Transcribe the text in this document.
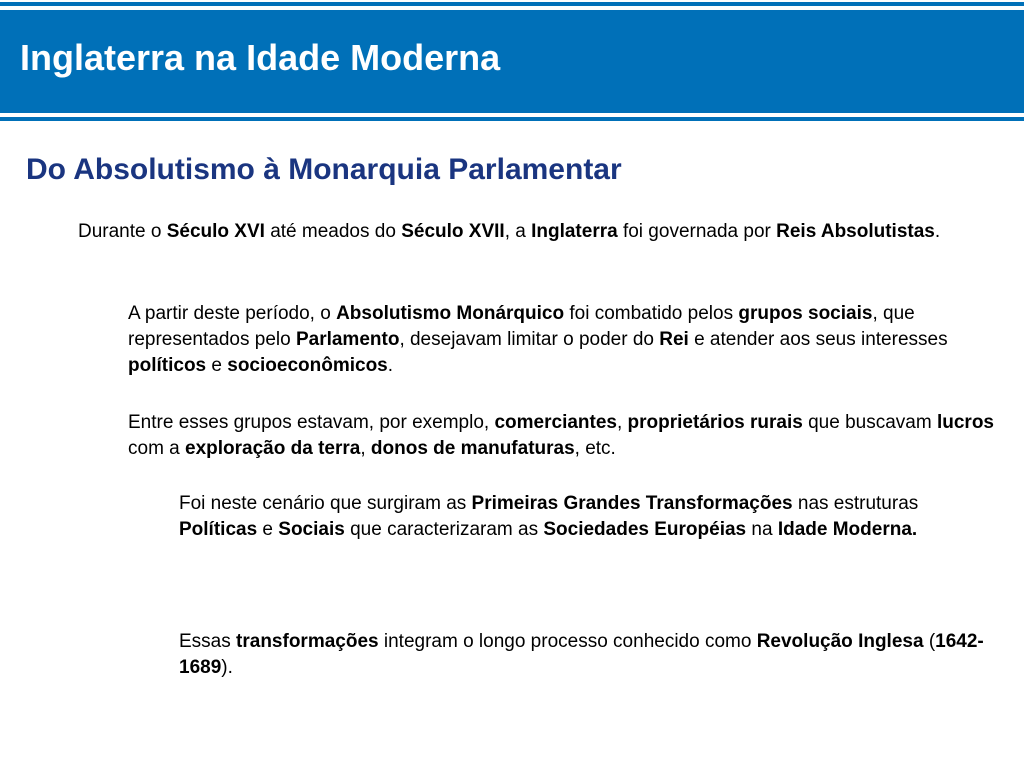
Inglaterra na Idade Moderna
Do Absolutismo à Monarquia Parlamentar

Durante o Século XVI até meados do Século XVII, a Inglaterra foi governada por Reis Absolutistas.

A partir deste período, o Absolutismo Monárquico foi combatido pelos grupos sociais, que representados pelo Parlamento, desejavam limitar o poder do Rei e atender aos seus interesses políticos e socioeconômicos.

Entre esses grupos estavam, por exemplo, comerciantes, proprietários rurais que buscavam lucros com a exploração da terra, donos de manufaturas, etc.

Foi neste cenário que surgiram as Primeiras Grandes Transformações nas estruturas Políticas e Sociais que caracterizaram as Sociedades Européias na Idade Moderna.

Essas transformações integram o longo processo conhecido como Revolução Inglesa (1642-1689).
